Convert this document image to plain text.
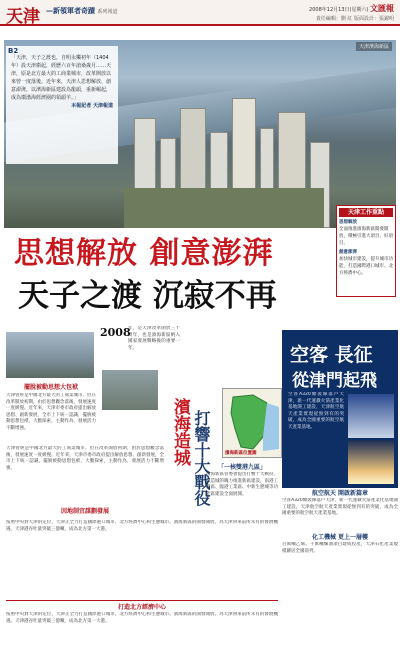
天津 —新領軍者奇蹟 系列報道	2008年12月13日(星期六) 文匯報
責任編輯：劉 紅 版面設計：張錦明
天津濱海新區
B2
「天津，天子之渡也，自明永樂初年（1404年）設天津衛起，經歷六百年滄桑歲月……天津，原是北方最大的工商業城市，改革開放以來曾一度落後。近年來，天津人思想解放、創意澎湃，以濱海新區建設為龍頭，重新崛起，成為環渤海經濟圈的領頭羊。」
本報記者 天津報道
天津工作重點
思想解放
全面推進濱海新區開發開放，積極引進大項目、好項目。
創意澎湃
加快城市建設，提升城市功能，打造國際港口城市、北方經濟中心。
思想解放 創意澎湃
天子之渡 沉寂不再
2008
年，是天津改革開放三十周年，也是濱海新區納入國家發展戰略後的重要一年。
擺脫被動思想大包袱
天津曾經是中國北方最大的工商業城市，但在改革開放初期，由於思想觀念落後，發展速度一度緩慢。近年來，天津市委市政府提出解放思想、創新發展，全市上下統一認識，擺脫被動思想包袱，大膽探索，主動作為，發展活力不斷增強。
天津曾經是中國北方最大的工商業城市，但在改革開放初期，由於思想觀念落後，發展速度一度緩慢。近年來，天津市委市政府提出解放思想、創新發展，全市上下統一認識，擺脫被動思想包袱，大膽探索，主動作為，發展活力不斷增強。
因地制宜謀劃發展
濱海造城 打響十大戰役	濱海新區位置圖
「一核雙港九區」
濱海新區管委會提出打響十大戰役，以造城的魄力推進新區建設，南港工業區、臨港工業區、中新生態城等功能區建設全面展開。
空客 長征
從津門起飛
空客A320總裝線落戶天津，新一代運載火箭產業化基地開工建設，天津航空航天產業實現從無到有的突破，成為全國重要的航空航天產業基地。
航空航天 開啟新篇章
空客A320總裝線落戶天津，新一代運載火箭產業化基地開工建設，天津航空航天產業實現從無到有的突破，成為全國重要的航空航天產業基地。
化工機械 更上一層樓
百萬噸乙烯、千萬噸煉油項目建成投產，天津石化產業規模躍居全國前列。
按照中央對天津的定位，天津正全力打造國際港口城市、北方經濟中心和生態城市。濱海新區的開發開放，為天津帶來前所未有的發展機遇。天津港吞吐量突破三億噸，成為北方第一大港。
打造北方經濟中心
按照中央對天津的定位，天津正全力打造國際港口城市、北方經濟中心和生態城市。濱海新區的開發開放，為天津帶來前所未有的發展機遇。天津港吞吐量突破三億噸，成為北方第一大港。
